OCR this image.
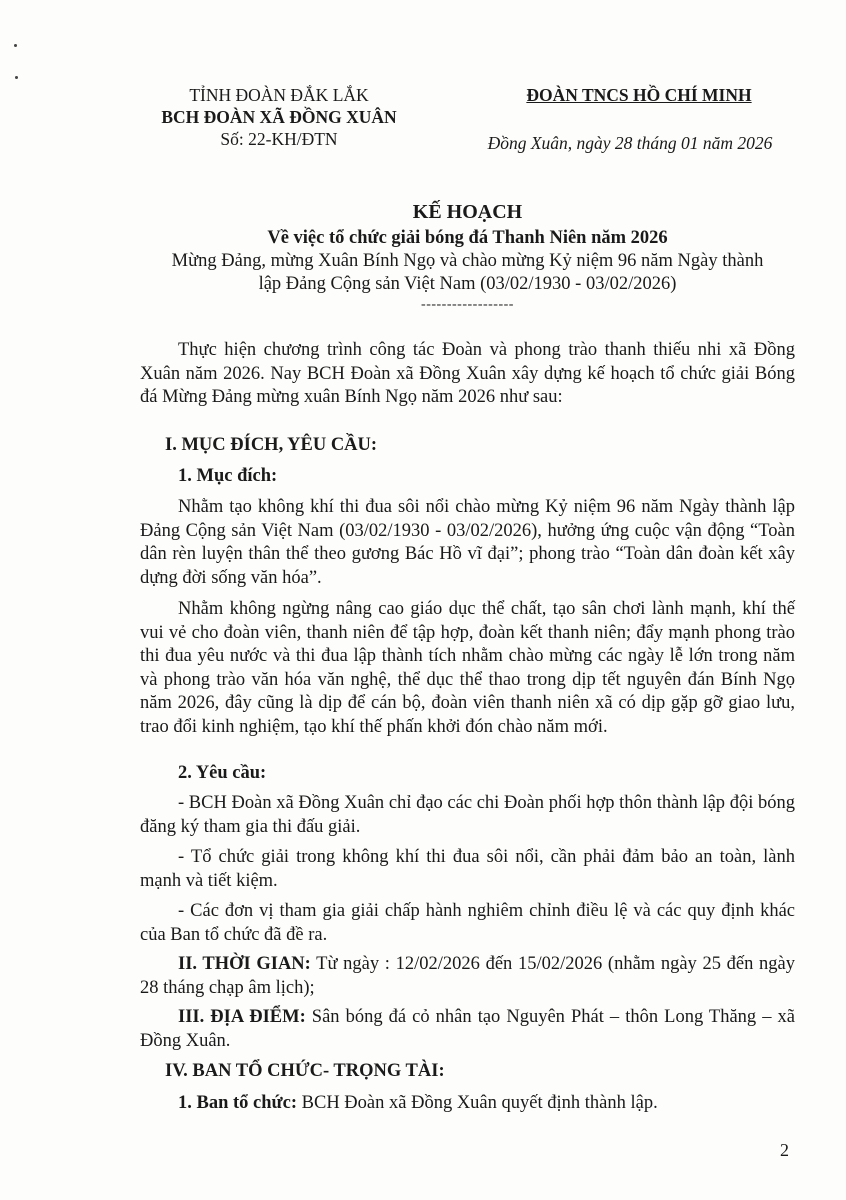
TỈNH ĐOÀN ĐẮK LẮK
BCH ĐOÀN XÃ ĐỒNG XUÂN
Số: 22-KH/ĐTN
ĐOÀN TNCS HỒ CHÍ MINH
Đồng Xuân, ngày 28 tháng 01 năm 2026
KẾ HOẠCH
Về việc tổ chức giải bóng đá Thanh Niên năm 2026
Mừng Đảng, mừng Xuân Bính Ngọ và chào mừng Kỷ niệm 96 năm Ngày thành
lập Đảng Cộng sản Việt Nam (03/02/1930 - 03/02/2026)
------------------
Thực hiện chương trình công tác Đoàn và phong trào thanh thiếu nhi xã Đồng Xuân năm 2026. Nay BCH Đoàn xã Đồng Xuân xây dựng kế hoạch tổ chức giải Bóng đá Mừng Đảng mừng xuân Bính Ngọ năm 2026 như sau:
I. MỤC ĐÍCH, YÊU CẦU:
1. Mục đích:
Nhằm tạo không khí thi đua sôi nổi chào mừng Kỷ niệm 96 năm Ngày thành lập Đảng Cộng sản Việt Nam (03/02/1930 - 03/02/2026), hưởng ứng cuộc vận động “Toàn dân rèn luyện thân thể theo gương Bác Hồ vĩ đại”; phong trào “Toàn dân đoàn kết xây dựng đời sống văn hóa”.
Nhằm không ngừng nâng cao giáo dục thể chất, tạo sân chơi lành mạnh, khí thế vui vẻ cho đoàn viên, thanh niên để tập hợp, đoàn kết thanh niên; đẩy mạnh phong trào thi đua yêu nước và thi đua lập thành tích nhằm chào mừng các ngày lễ lớn trong năm và phong trào văn hóa văn nghệ, thể dục thể thao trong dịp tết nguyên đán Bính Ngọ năm 2026, đây cũng là dịp để cán bộ, đoàn viên thanh niên xã có dịp gặp gỡ giao lưu, trao đổi kinh nghiệm, tạo khí thế phấn khởi đón chào năm mới.
2. Yêu cầu:
- BCH Đoàn xã Đồng Xuân chỉ đạo các chi Đoàn phối hợp thôn thành lập đội bóng đăng ký tham gia thi đấu giải.
- Tổ chức giải trong không khí thi đua sôi nổi, cần phải đảm bảo an toàn, lành mạnh và tiết kiệm.
- Các đơn vị tham gia giải chấp hành nghiêm chỉnh điều lệ và các quy định khác của Ban tổ chức đã đề ra.
II. THỜI GIAN: Từ ngày : 12/02/2026 đến 15/02/2026 (nhằm ngày 25 đến ngày 28 tháng chạp âm lịch);
III. ĐỊA ĐIỂM: Sân bóng đá cỏ nhân tạo Nguyên Phát – thôn Long Thăng – xã Đồng Xuân.
IV. BAN TỔ CHỨC- TRỌNG TÀI:
1. Ban tổ chức: BCH Đoàn xã Đồng Xuân quyết định thành lập.
2
